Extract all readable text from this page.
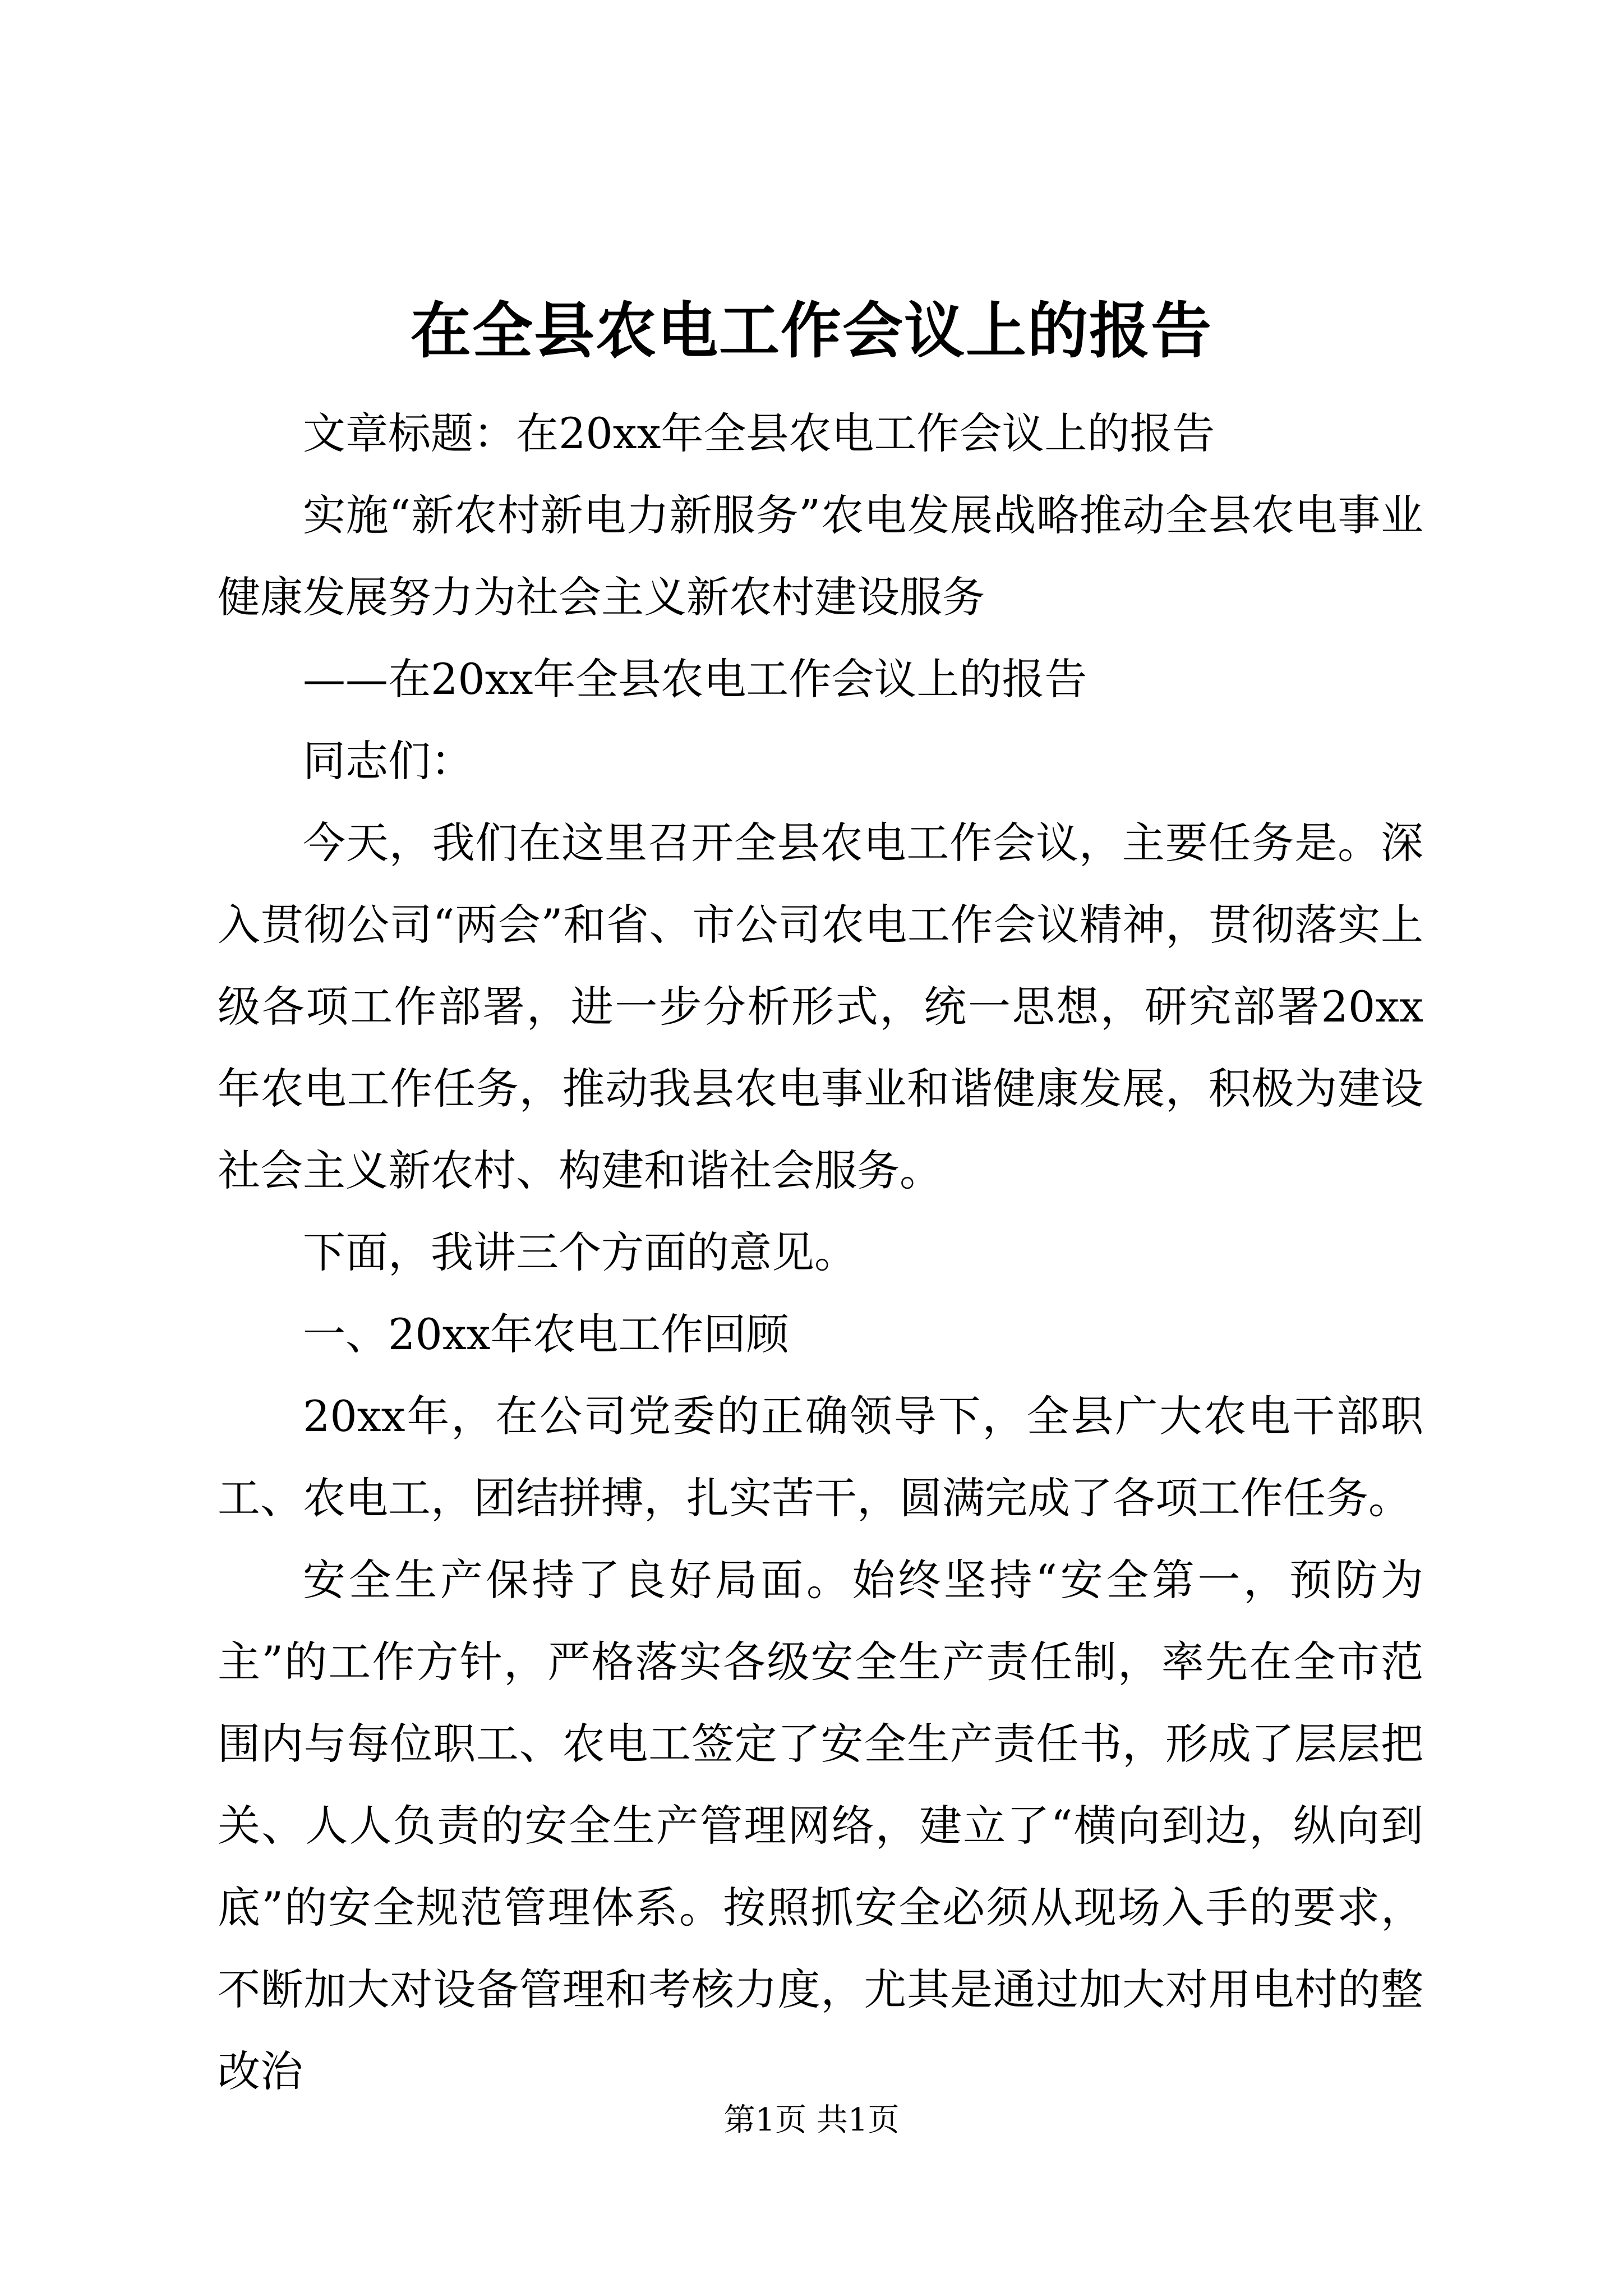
在全县农电工作会议上的报告

文章标题：在20xx年全县农电工作会议上的报告

实施“新农村新电力新服务”农电发展战略推动全县农电事业健康发展努力为社会主义新农村建设服务

——在20xx年全县农电工作会议上的报告

同志们：

今天，我们在这里召开全县农电工作会议，主要任务是。深入贯彻公司“两会”和省、市公司农电工作会议精神，贯彻落实上级各项工作部署，进一步分析形式，统一思想，研究部署20xx年农电工作任务，推动我县农电事业和谐健康发展，积极为建设社会主义新农村、构建和谐社会服务。

下面，我讲三个方面的意见。

一、20xx年农电工作回顾

20xx年，在公司党委的正确领导下，全县广大农电干部职工、农电工，团结拼搏，扎实苦干，圆满完成了各项工作任务。

安全生产保持了良好局面。始终坚持“安全第一，预防为主”的工作方针，严格落实各级安全生产责任制，率先在全市范围内与每位职工、农电工签定了安全生产责任书，形成了层层把关、人人负责的安全生产管理网络，建立了“横向到边，纵向到底”的安全规范管理体系。按照抓安全必须从现场入手的要求，不断加大对设备管理和考核力度，尤其是通过加大对用电村的整改治

第1页 共1页
